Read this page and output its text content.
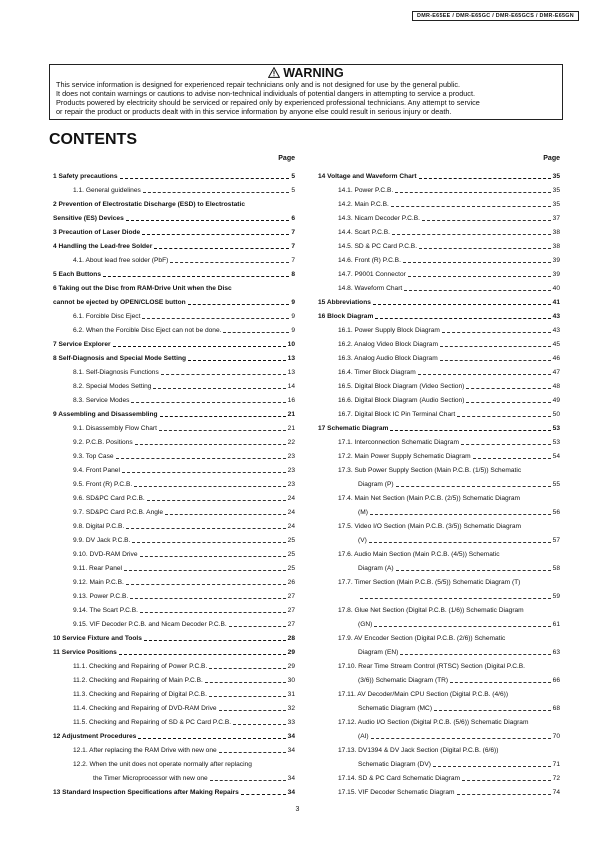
DMR-E65EE / DMR-E65GC / DMR-E65GCS / DMR-E65GN
WARNING
This service information is designed for experienced repair technicians only and is not designed for use by the general public.
It does not contain warnings or cautions to advise non-technical individuals of potential dangers in attempting to service a product.
Products powered by electricity should be serviced or repaired only by experienced professional technicians. Any attempt to service
or repair the product or products dealt with in this service information by anyone else could result in serious injury or death.
CONTENTS
Page
1 Safety precautions	5
1.1. General guidelines	5
2 Prevention of Electrostatic Discharge (ESD) to Electrostatic
Sensitive (ES) Devices	6
3 Precaution of Laser Diode	7
4 Handling the Lead-free Solder	7
4.1. About lead free solder (PbF)	7
5 Each Buttons	8
6 Taking out the Disc from RAM-Drive Unit when the Disc
cannot be ejected by OPEN/CLOSE button	9
6.1. Forcible Disc Eject	9
6.2. When the Forcible Disc Eject can not be done.	9
7 Service Explorer	10
8 Self-Diagnosis and Special Mode Setting	13
8.1. Self-Diagnosis Functions	13
8.2. Special Modes Setting	14
8.3. Service Modes	16
9 Assembling and Disassembling	21
9.1. Disassembly Flow Chart	21
9.2. P.C.B. Positions	22
9.3. Top Case	23
9.4. Front Panel	23
9.5. Front (R) P.C.B.	23
9.6. SD&PC Card P.C.B.	24
9.7. SD&PC Card P.C.B. Angle	24
9.8. Digital P.C.B.	24
9.9. DV Jack P.C.B.	25
9.10. DVD-RAM Drive	25
9.11. Rear Panel	25
9.12. Main P.C.B.	26
9.13. Power P.C.B.	27
9.14. The Scart P.C.B.	27
9.15. VIF Decoder P.C.B. and Nicam Decoder P.C.B.	27
10 Service Fixture and Tools	28
11 Service Positions	29
11.1. Checking and Repairing of Power P.C.B.	29
11.2. Checking and Repairing of Main P.C.B.	30
11.3. Checking and Repairing of Digital P.C.B.	31
11.4. Checking and Repairing of DVD-RAM Drive	32
11.5. Checking and Repairing of SD & PC Card P.C.B.	33
12 Adjustment Procedures	34
12.1. After replacing the RAM Drive with new one	34
12.2. When the unit does not operate normally after replacing
the Timer Microprocessor with new one	34
13 Standard Inspection Specifications after Making Repairs	34
Page
14 Voltage and Waveform Chart	35
14.1. Power P.C.B.	35
14.2. Main P.C.B.	35
14.3. Nicam Decoder P.C.B.	37
14.4. Scart P.C.B.	38
14.5. SD & PC Card P.C.B.	38
14.6. Front (R) P.C.B.	39
14.7. P9001 Connector	39
14.8. Waveform Chart	40
15 Abbreviations	41
16 Block Diagram	43
16.1. Power Supply Block Diagram	43
16.2. Analog Video Block Diagram	45
16.3. Analog Audio Block Diagram	46
16.4. Timer Block Diagram	47
16.5. Digital Block Diagram (Video Section)	48
16.6. Digital Block Diagram (Audio Section)	49
16.7. Digital Block IC Pin Terminal Chart	50
17 Schematic Diagram	53
17.1. Interconnection Schematic Diagram	53
17.2. Main Power Supply Schematic Diagram	54
17.3. Sub Power Supply Section (Main P.C.B. (1/5)) Schematic
Diagram (P)	55
17.4. Main Net Section (Main P.C.B. (2/5)) Schematic Diagram
(M)	56
17.5. Video I/O Section (Main P.C.B. (3/5)) Schematic Diagram
(V)	57
17.6. Audio Main Section (Main P.C.B. (4/5)) Schematic
Diagram (A)	58
17.7. Timer Section (Main P.C.B. (5/5)) Schematic Diagram (T)
59
17.8. Glue Net Section (Digital P.C.B. (1/6)) Schematic Diagram
(GN)	61
17.9. AV Encoder Section (Digital P.C.B. (2/6)) Schematic
Diagram (EN)	63
17.10. Rear Time Stream Control (RTSC) Section (Digital P.C.B.
(3/6)) Schematic Diagram (TR)	66
17.11. AV Decoder/Main CPU Section (Digital P.C.B. (4/6))
Schematic Diagram (MC)	68
17.12. Audio I/O Section (Digital P.C.B. (5/6)) Schematic Diagram
(AI)	70
17.13. DV1394 & DV Jack Section (Digital P.C.B. (6/6))
Schematic Diagram (DV)	71
17.14. SD & PC Card Schematic Diagram	72
17.15. VIF Decoder Schematic Diagram	74
3
